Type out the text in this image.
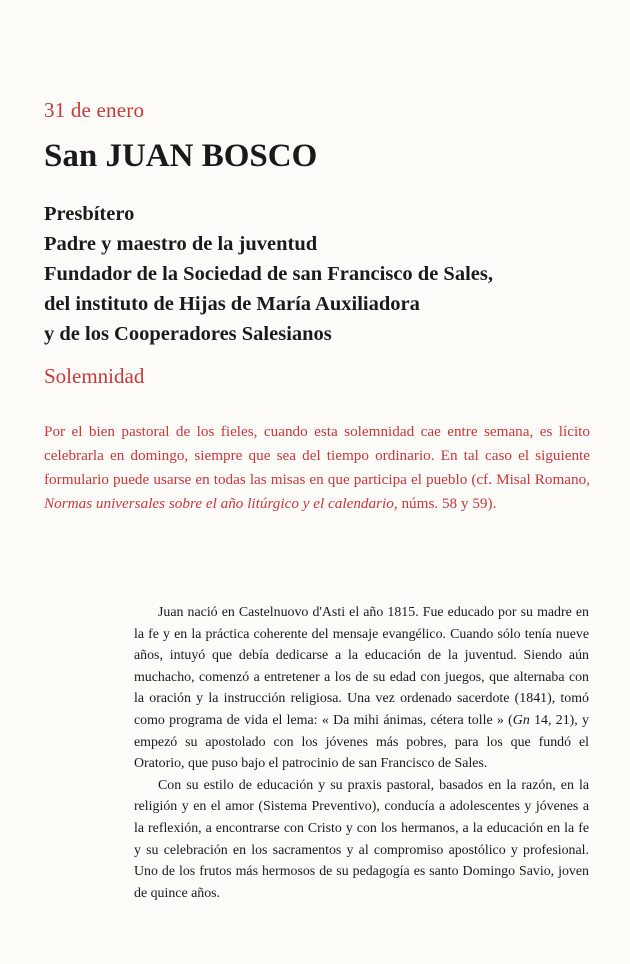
31 de enero
San JUAN BOSCO
Presbítero
Padre y maestro de la juventud
Fundador de la Sociedad de san Francisco de Sales,
del instituto de Hijas de María Auxiliadora
y de los Cooperadores Salesianos
Solemnidad
Por el bien pastoral de los fieles, cuando esta solemnidad cae entre semana, es lícito celebrarla en domingo, siempre que sea del tiempo ordinario. En tal caso el siguiente formulario puede usarse en todas las misas en que participa el pueblo (cf. Misal Romano, Normas universales sobre el año litúrgico y el calendario, núms. 58 y 59).

Juan nació en Castelnuovo d'Asti el año 1815. Fue educado por su madre en la fe y en la práctica coherente del mensaje evangélico. Cuando sólo tenía nueve años, intuyó que debía dedicarse a la educación de la juventud. Siendo aún muchacho, comenzó a entretener a los de su edad con juegos, que alternaba con la oración y la instrucción religiosa. Una vez ordenado sacerdote (1841), tomó como programa de vida el lema: « Da mihi ánimas, cétera tolle » (Gn 14, 21), y empezó su apostolado con los jóvenes más pobres, para los que fundó el Oratorio, que puso bajo el patrocinio de san Francisco de Sales.

Con su estilo de educación y su praxis pastoral, basados en la razón, en la religión y en el amor (Sistema Preventivo), conducía a adolescentes y jóvenes a la reflexión, a encontrarse con Cristo y con los hermanos, a la educación en la fe y su celebración en los sacramentos y al compromiso apostólico y profesional. Uno de los frutos más hermosos de su pedagogía es santo Domingo Savio, joven de quince años.
